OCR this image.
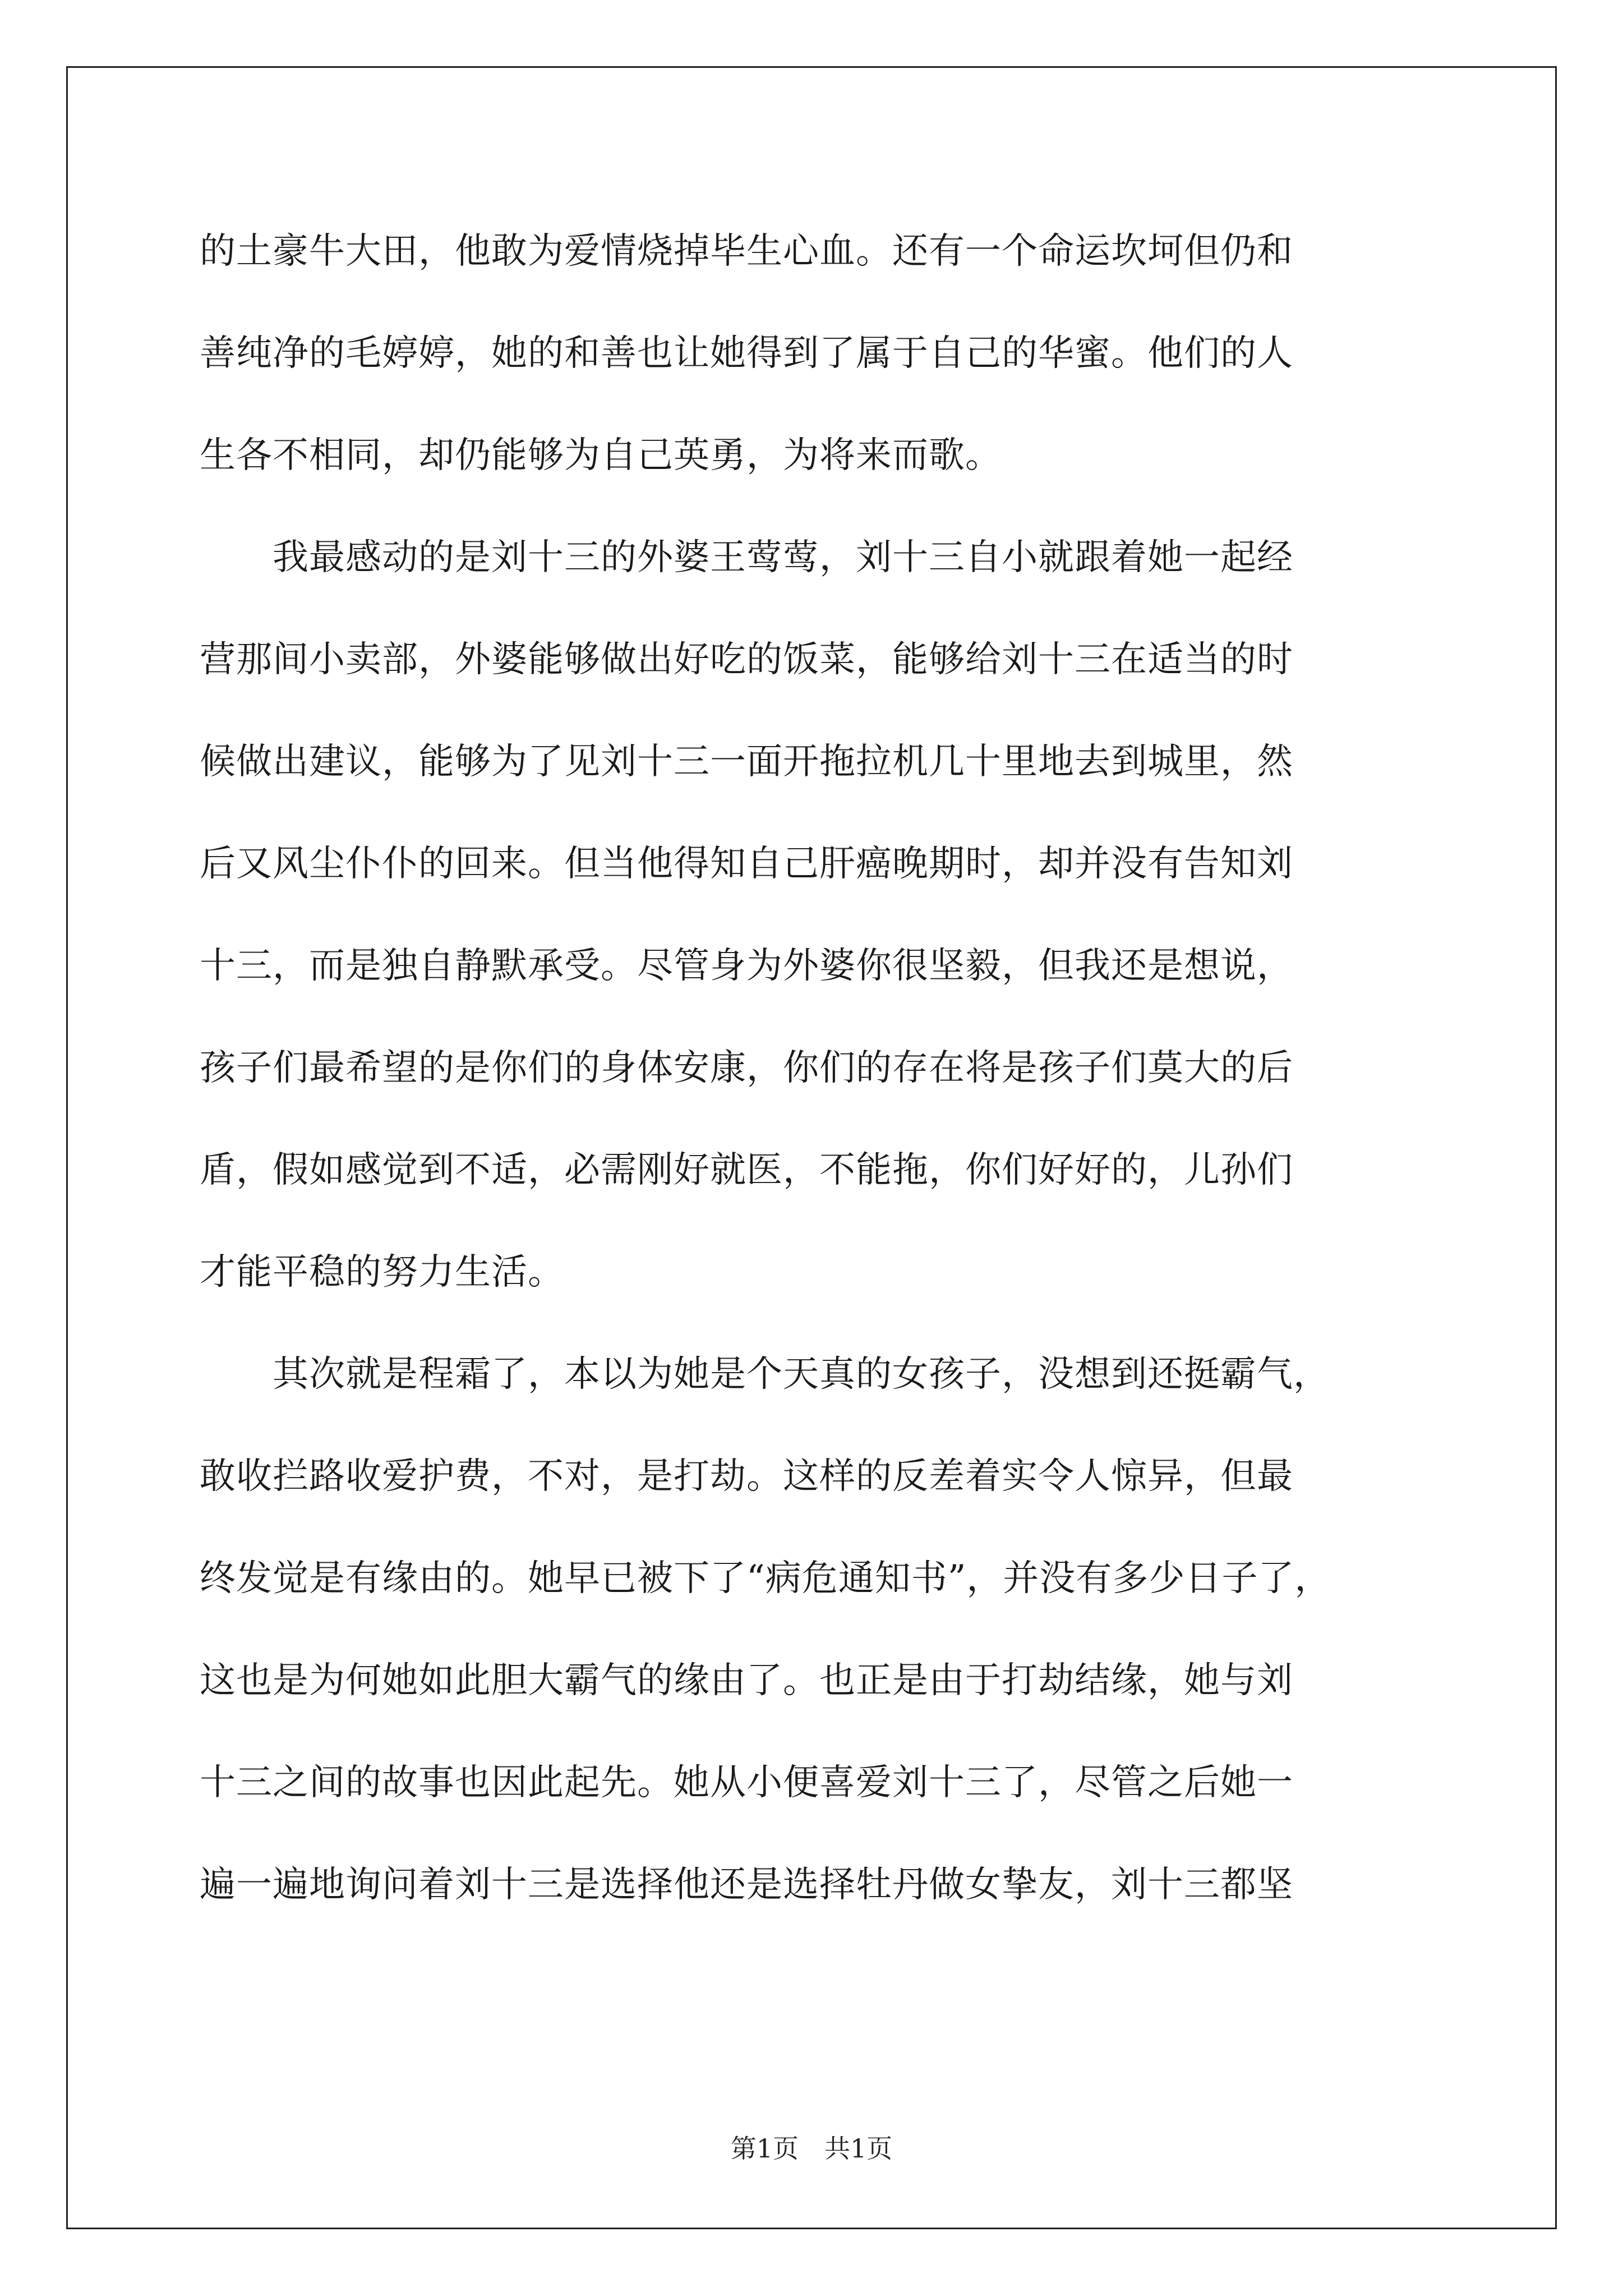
的土豪牛大田，他敢为爱情烧掉毕生心血。还有一个命运坎坷但仍和

善纯净的毛婷婷，她的和善也让她得到了属于自己的华蜜。他们的人

生各不相同，却仍能够为自己英勇，为将来而歌。

　　我最感动的是刘十三的外婆王莺莺，刘十三自小就跟着她一起经

营那间小卖部，外婆能够做出好吃的饭菜，能够给刘十三在适当的时

候做出建议，能够为了见刘十三一面开拖拉机几十里地去到城里，然

后又风尘仆仆的回来。但当他得知自己肝癌晚期时，却并没有告知刘

十三，而是独自静默承受。尽管身为外婆你很坚毅，但我还是想说，

孩子们最希望的是你们的身体安康，你们的存在将是孩子们莫大的后

盾，假如感觉到不适，必需刚好就医，不能拖，你们好好的，儿孙们

才能平稳的努力生活。

　　其次就是程霜了，本以为她是个天真的女孩子，没想到还挺霸气，

敢收拦路收爱护费，不对，是打劫。这样的反差着实令人惊异，但最

终发觉是有缘由的。她早已被下了“病危通知书”，并没有多少日子了，

这也是为何她如此胆大霸气的缘由了。也正是由于打劫结缘，她与刘

十三之间的故事也因此起先。她从小便喜爱刘十三了，尽管之后她一

遍一遍地询问着刘十三是选择他还是选择牡丹做女挚友，刘十三都坚

第1页　共1页
